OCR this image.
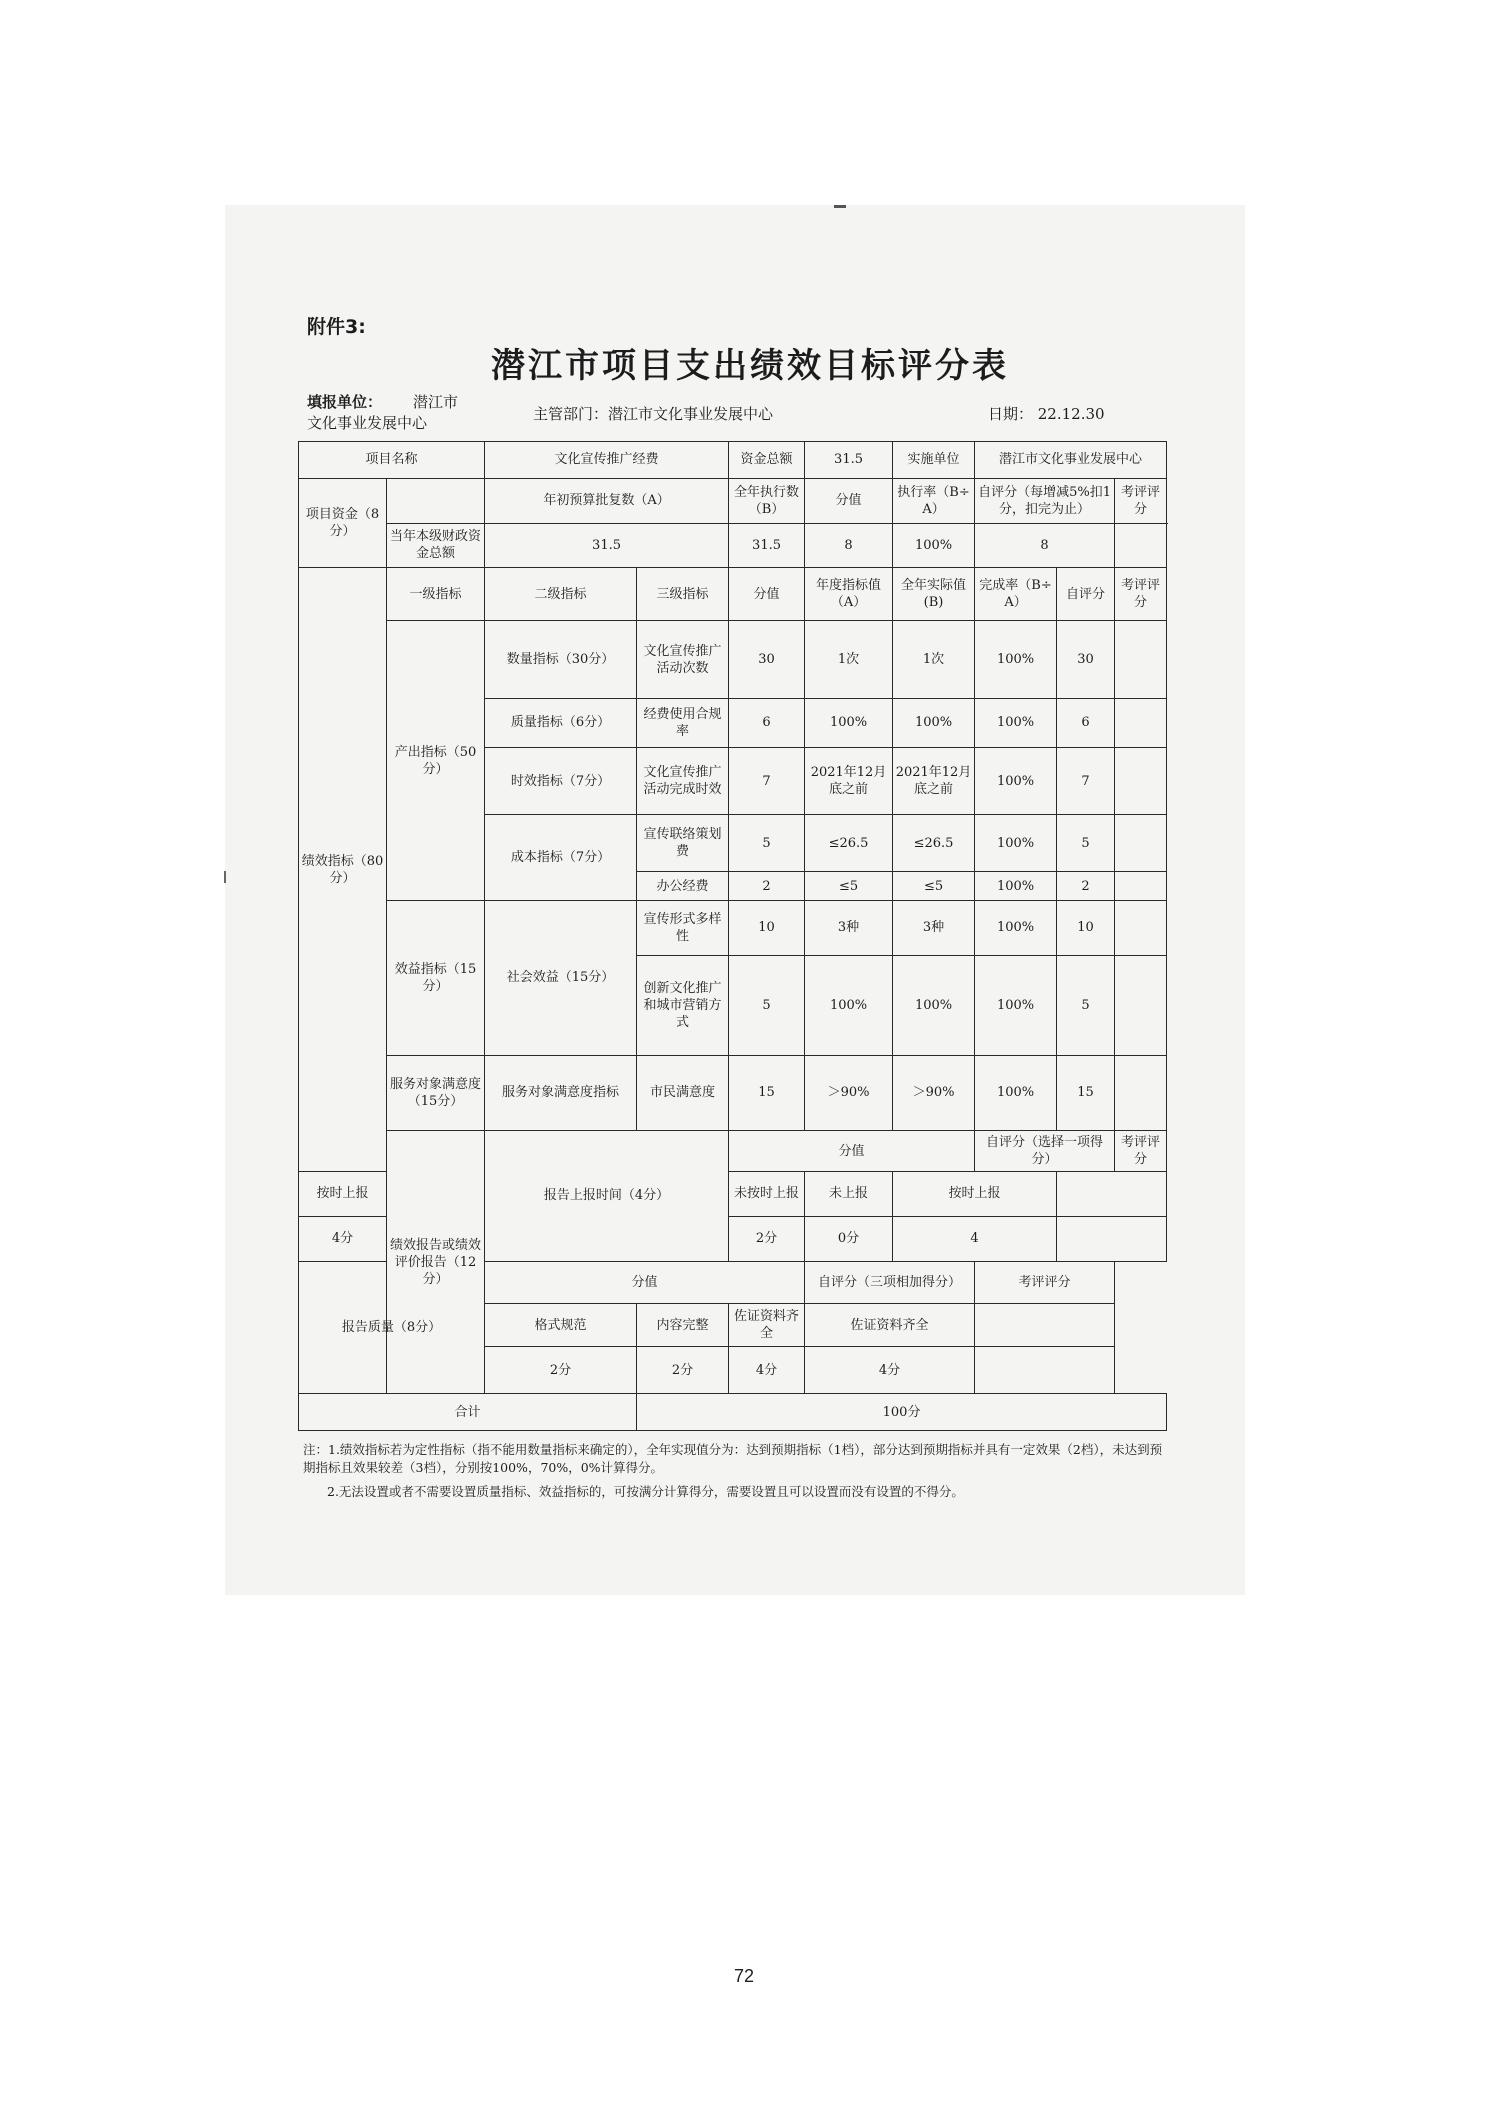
附件3:
潜江市项目支出绩效目标评分表
填报单位： 潜江市
文化事业发展中心	主管部门：潜江市文化事业发展中心	日期： 22.12.30
项目名称		文化宣传推广经费		资金总额	31.5	实施单位	潜江市文化事业发展中心			
项目资金（8分）		年初预算批复数（A）		全年执行数（B）	分值	执行率（B÷A）	自评分（每增减5%扣1分，扣完为止）		考评评分	
	当年本级财政资金总额	31.5		31.5	8	100%	8			
绩效指标（80分）	一级指标	二级指标	三级指标	分值	年度指标值（A）	全年实际值(B)	完成率（B÷A）	自评分	考评评分	
	产出指标（50分）	数量指标（30分）	文化宣传推广活动次数	30	1次	1次	100%	30		
		质量指标（6分）	经费使用合规率	6	100%	100%	100%	6		
		时效指标（7分）	文化宣传推广活动完成时效	7	2021年12月底之前	2021年12月底之前	100%	7		
		成本指标（7分）	宣传联络策划费	5	≤26.5	≤26.5	100%	5		
			办公经费	2	≤5	≤5	100%	2		
	效益指标（15分）	社会效益（15分）	宣传形式多样性	10	3种	3种	100%	10		
			创新文化推广和城市营销方式	5	100%	100%	100%	5		
	服务对象满意度（15分）	服务对象满意度指标	市民满意度	15	＞90%	＞90%	100%	15		
	绩效报告或绩效评价报告（12分）	报告上报时间（4分）		分值			自评分（选择一项得分）		考评评分	
按时上报				未按时上报	未上报	按时上报				
4分				2分	0分	4				
报告质量（8分）		分值			自评分（三项相加得分）		考评评分			
		格式规范	内容完整	佐证资料齐全	佐证资料齐全					
		2分	2分	4分	4分					
合计			100分							

注：1.绩效指标若为定性指标（指不能用数量指标来确定的），全年实现值分为：达到预期指标（1档），部分达到预期指标并具有一定效果（2档），未达到预期指标且效果较差（3档），分别按100%，70%，0%计算得分。

2.无法设置或者不需要设置质量指标、效益指标的，可按满分计算得分，需要设置且可以设置而没有设置的不得分。

72
